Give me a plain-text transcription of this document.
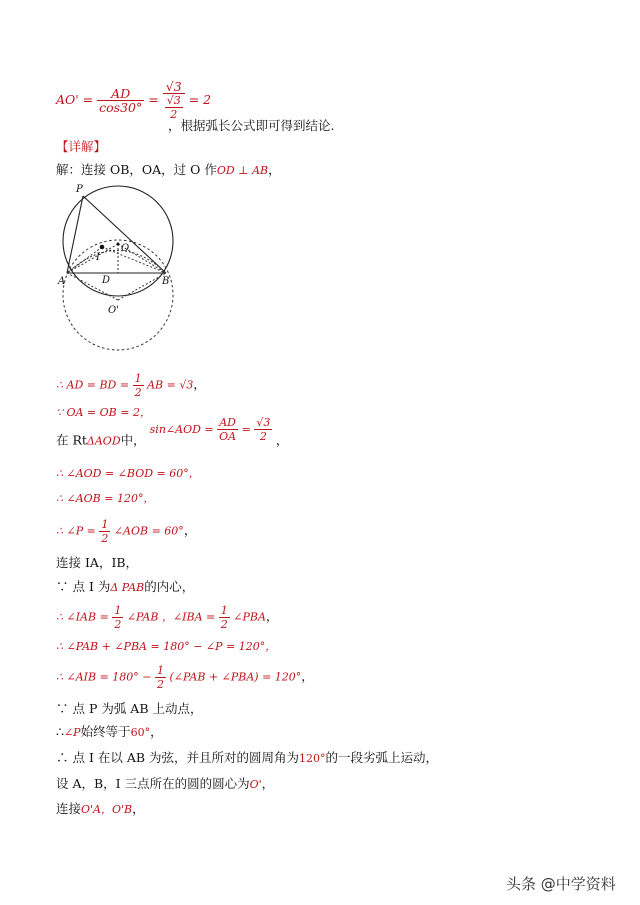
$AO' = \frac{AD}{\cos 30^\circ} = \frac{√3}{\frac{√3}{2}} = 2$
，根据弧长公式即可得到结论.
【详解】
解：连接 OB，OA，过 O 作OD ⊥ AB，
P
O
I
A	B
D
O'
∴ AD = BD = $\frac{1}{2}$ AB = √3，
∵ OA = OB = 2，
在 RtΔAOD中， sin∠AOD = $\frac{AD}{OA} = \frac{√3}{2}$ ，
∴ ∠AOD = ∠BOD = 60°，
∴ ∠AOB = 120°，
∴ ∠P = $\frac{1}{2}$ ∠AOB = 60°，
连接 IA，IB，
∵ 点 I 为Δ PAB的内心，
∴ ∠IAB = $\frac{1}{2}$ ∠PAB ，∠IBA = $\frac{1}{2}$ ∠PBA，
∴ ∠PAB + ∠PBA = 180° − ∠P = 120°，
∴ ∠AIB = $180^\circ - \frac{1}{2}$ (∠PAB + ∠PBA) = 120°，
∵ 点 P 为弧 AB 上动点，
∴∠P始终等于60°，
∴ 点 I 在以 AB 为弦，并且所对的圆周角为120°的一段劣弧上运动，
设 A，B，I 三点所在的圆的圆心为O'，
连接O'A，O'B，
头条 @中学资料
